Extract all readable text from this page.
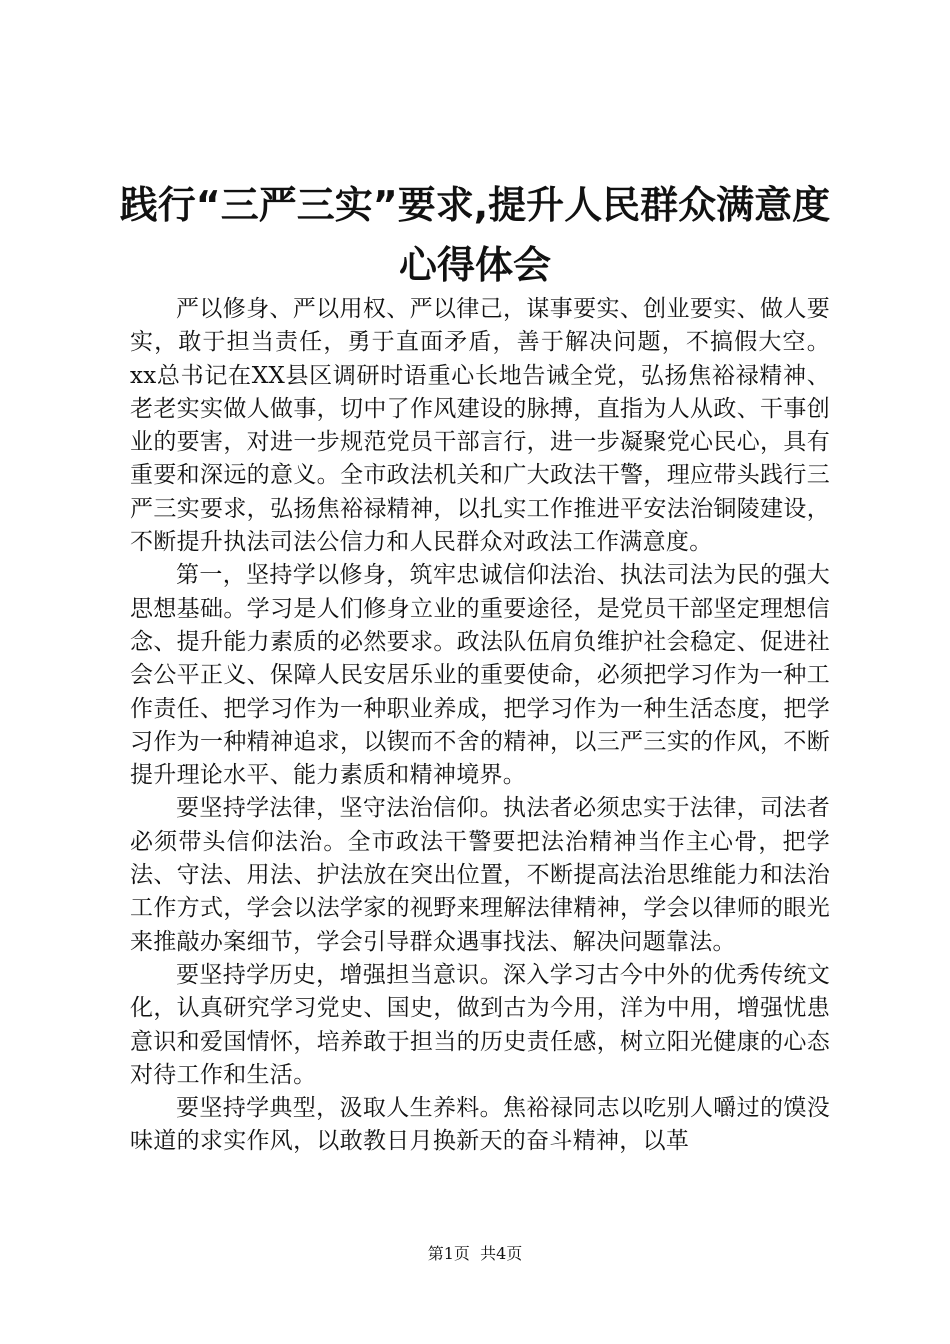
践行“三严三实”要求,提升人民群众满意度
心得体会

严以修身、严以用权、严以律己，谋事要实、创业要实、做人要实，敢于担当责任，勇于直面矛盾，善于解决问题，不搞假大空。xx总书记在XX县区调研时语重心长地告诫全党，弘扬焦裕禄精神、老老实实做人做事，切中了作风建设的脉搏，直指为人从政、干事创业的要害，对进一步规范党员干部言行，进一步凝聚党心民心，具有重要和深远的意义。全市政法机关和广大政法干警，理应带头践行三严三实要求，弘扬焦裕禄精神，以扎实工作推进平安法治铜陵建设，不断提升执法司法公信力和人民群众对政法工作满意度。

第一，坚持学以修身，筑牢忠诚信仰法治、执法司法为民的强大思想基础。学习是人们修身立业的重要途径，是党员干部坚定理想信念、提升能力素质的必然要求。政法队伍肩负维护社会稳定、促进社会公平正义、保障人民安居乐业的重要使命，必须把学习作为一种工作责任、把学习作为一种职业养成，把学习作为一种生活态度，把学习作为一种精神追求，以锲而不舍的精神，以三严三实的作风，不断提升理论水平、能力素质和精神境界。

要坚持学法律，坚守法治信仰。执法者必须忠实于法律，司法者必须带头信仰法治。全市政法干警要把法治精神当作主心骨，把学法、守法、用法、护法放在突出位置，不断提高法治思维能力和法治工作方式，学会以法学家的视野来理解法律精神，学会以律师的眼光来推敲办案细节，学会引导群众遇事找法、解决问题靠法。

要坚持学历史，增强担当意识。深入学习古今中外的优秀传统文化，认真研究学习党史、国史，做到古为今用，洋为中用，增强忧患意识和爱国情怀，培养敢于担当的历史责任感，树立阳光健康的心态对待工作和生活。

要坚持学典型，汲取人生养料。焦裕禄同志以吃别人嚼过的馍没味道的求实作风，以敢教日月换新天的奋斗精神，以革

第1页  共4页
